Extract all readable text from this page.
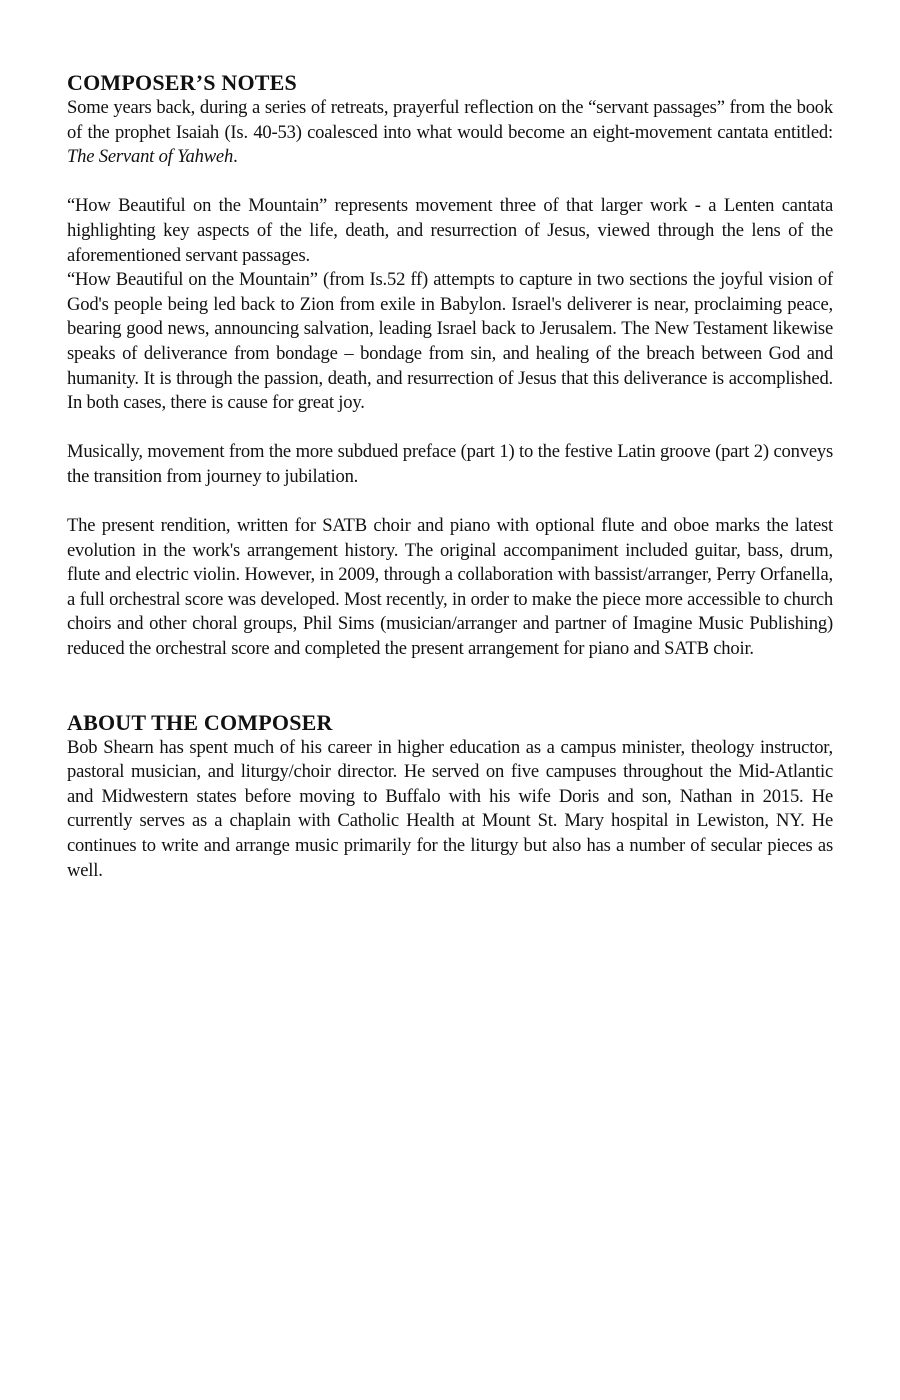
COMPOSER’S NOTES

Some years back, during a series of retreats, prayerful reflection on the “servant passages” from the book of the prophet Isaiah (Is. 40-53) coalesced into what would become an eight-movement cantata entitled: The Servant of Yahweh.

“How Beautiful on the Mountain” represents movement three of that larger work - a Lenten cantata highlighting key aspects of the life, death, and resurrection of Jesus, viewed through the lens of the aforementioned servant passages.

“How Beautiful on the Mountain” (from Is.52 ff) attempts to capture in two sections the joyful vision of God's people being led back to Zion from exile in Babylon. Israel's deliverer is near, proclaiming peace, bearing good news, announcing salvation, leading Israel back to Jerusalem. The New Testament likewise speaks of deliverance from bondage – bondage from sin, and healing of the breach between God and humanity. It is through the passion, death, and resurrection of Jesus that this deliverance is accomplished. In both cases, there is cause for great joy.

Musically, movement from the more subdued preface (part 1) to the festive Latin groove (part 2) conveys the transition from journey to jubilation.

The present rendition, written for SATB choir and piano with optional flute and oboe marks the latest evolution in the work's arrangement history. The original accompaniment included guitar, bass, drum, flute and electric violin. However, in 2009, through a collaboration with bassist/arranger, Perry Orfanella, a full orchestral score was developed. Most recently, in order to make the piece more accessible to church choirs and other choral groups, Phil Sims (musician/arranger and partner of Imagine Music Publishing) reduced the orchestral score and completed the present arrangement for piano and SATB choir.

ABOUT THE COMPOSER

Bob Shearn has spent much of his career in higher education as a campus minister, theology instructor, pastoral musician, and liturgy/choir director. He served on five campuses throughout the Mid-Atlantic and Midwestern states before moving to Buffalo with his wife Doris and son, Nathan in 2015. He currently serves as a chaplain with Catholic Health at Mount St. Mary hospital in Lewiston, NY. He continues to write and arrange music primarily for the liturgy but also has a number of secular pieces as well.
